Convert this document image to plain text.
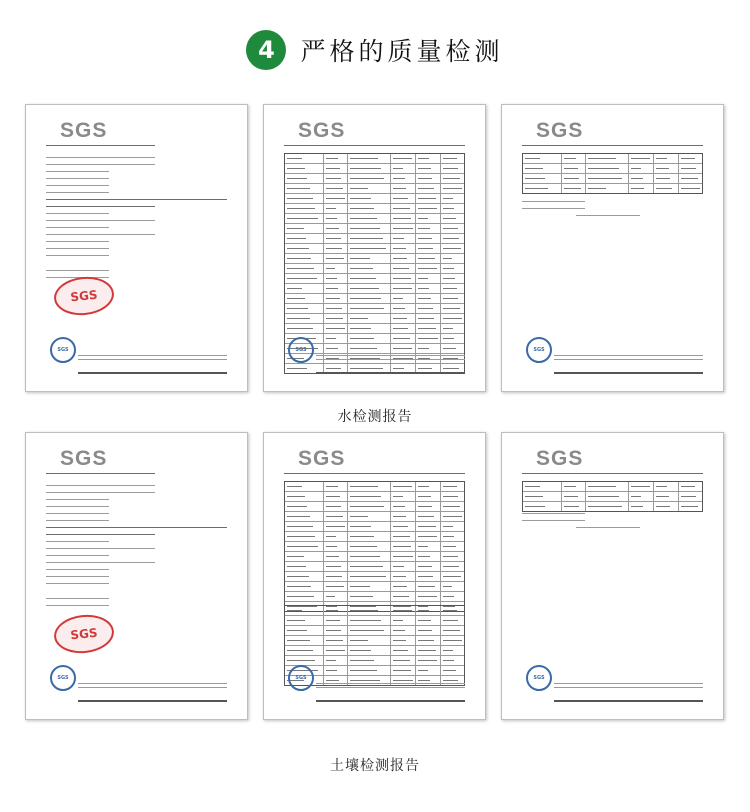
4	严格的质量检测
SGS
SGS
SGS
SGS
SGS
SGS
SGS
水检测报告
SGS
SGS
SGS
SGS
SGS
SGS
SGS
土壤检测报告
